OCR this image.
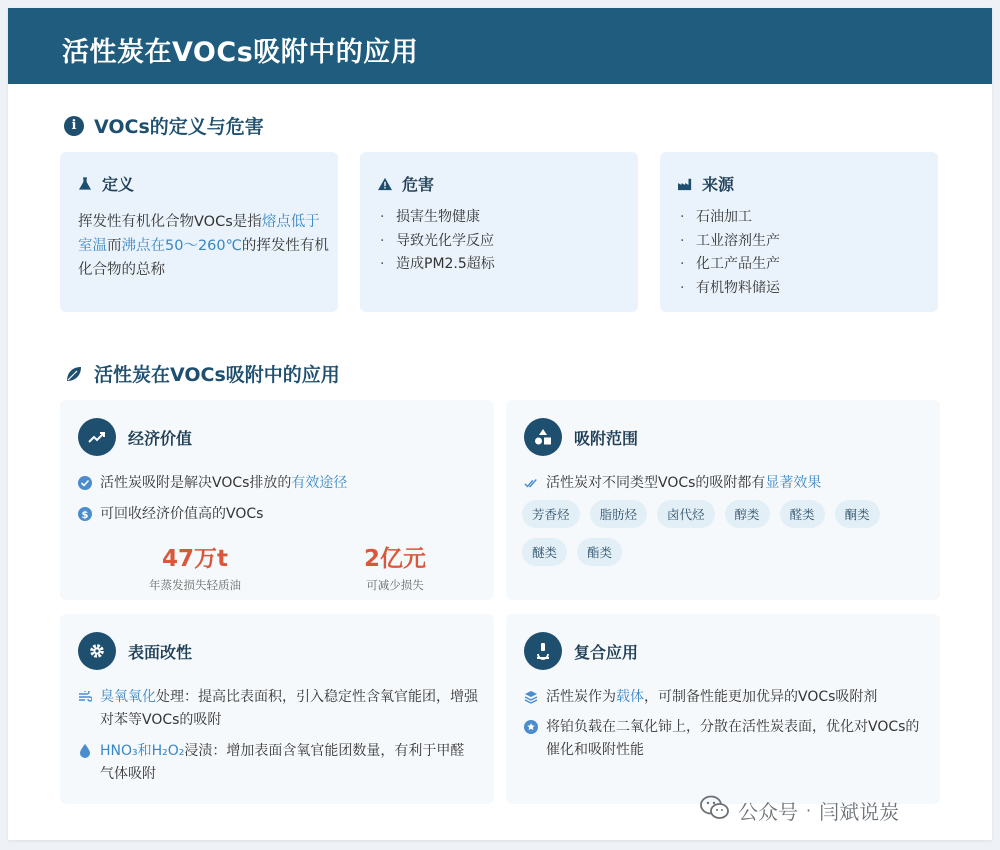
活性炭在VOCs吸附中的应用
i VOCs的定义与危害
定义
挥发性有机化合物VOCs是指熔点低于室温而沸点在50～260℃的挥发性有机化合物的总称
危害
· 损害生物健康
· 导致光化学反应
· 造成PM2.5超标
来源
· 石油加工
· 工业溶剂生产
· 化工产品生产
· 有机物料储运
活性炭在VOCs吸附中的应用
经济价值
活性炭吸附是解决VOCs排放的有效途径
$ 可回收经济价值高的VOCs
47万t
年蒸发损失轻质油
2亿元
可减少损失
吸附范围
活性炭对不同类型VOCs的吸附都有显著效果
芳香烃	脂肪烃	卤代烃	醇类	醛类	酮类
醚类	酯类
表面改性
臭氧氧化处理：提高比表面积，引入稳定性含氧官能团，增强对苯等VOCs的吸附
HNO₃和H₂O₂浸渍：增加表面含氧官能团数量，有利于甲醛气体吸附
复合应用
活性炭作为载体，可制备性能更加优异的VOCs吸附剂
将铂负载在二氧化铈上，分散在活性炭表面，优化对VOCs的催化和吸附性能
公众号 · 闫斌说炭
